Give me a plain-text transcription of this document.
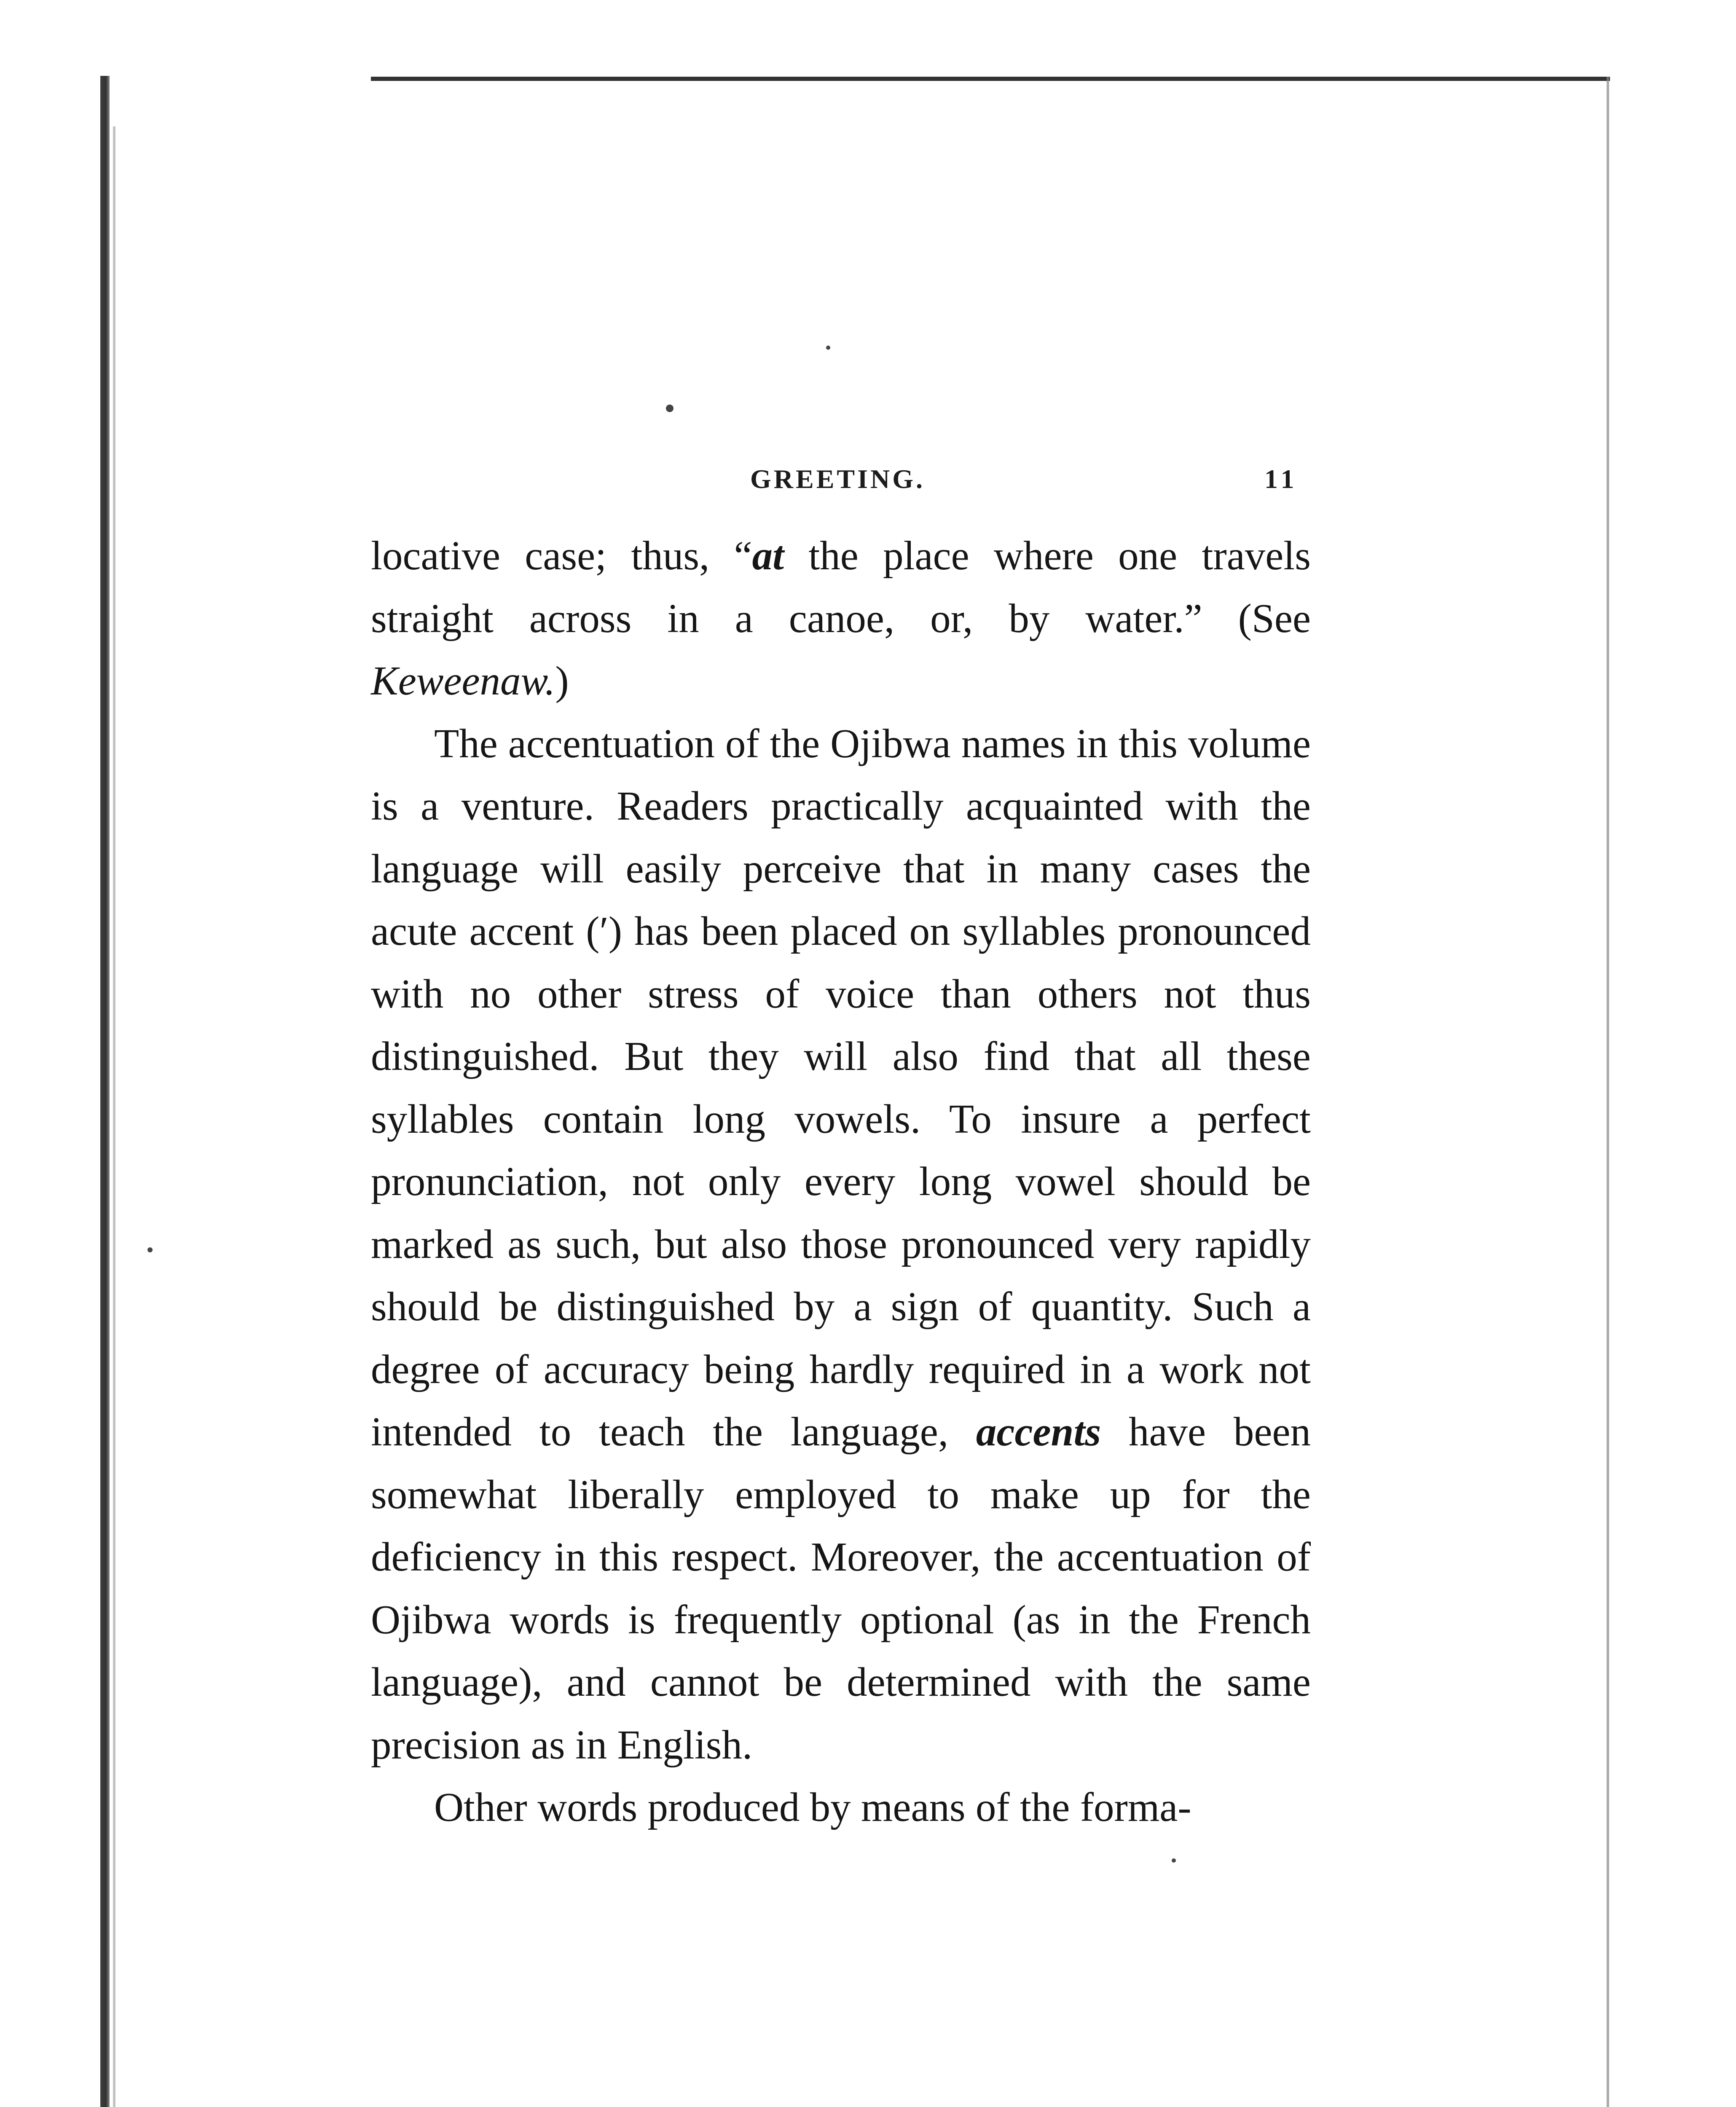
GREETING.	11

locative case; thus, “at the place where one travels straight across in a canoe, or, by water.” (See Keweenaw.)

The accentuation of the Ojibwa names in this volume is a venture. Readers practically acquainted with the language will easily perceive that in many cases the acute accent (′) has been placed on syllables pronounced with no other stress of voice than others not thus distinguished. But they will also find that all these syllables contain long vowels. To insure a perfect pronunciation, not only every long vowel should be marked as such, but also those pronounced very rapidly should be distinguished by a sign of quantity. Such a degree of accuracy being hardly required in a work not intended to teach the language, accents have been somewhat liberally employed to make up for the deficiency in this respect. Moreover, the accentuation of Ojibwa words is frequently optional (as in the French language), and cannot be determined with the same precision as in English.

Other words produced by means of the forma-
